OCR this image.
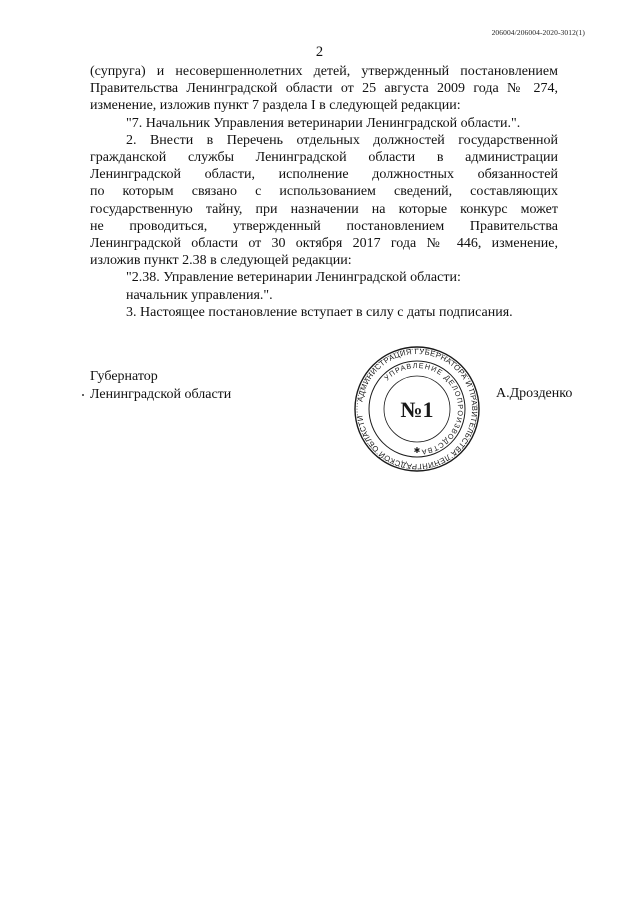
206004/206004-2020-3012(1)
2

(супруга) и несовершеннолетних детей, утвержденный постановлением

Правительства Ленинградской области от 25 августа 2009 года № 274,

изменение, изложив пункт 7 раздела I в следующей редакции:

"7. Начальник Управления ветеринарии Ленинградской области.".

2. Внести в Перечень отдельных должностей государственной

гражданской службы Ленинградской области в администрации

Ленинградской области, исполнение должностных обязанностей

по которым связано с использованием сведений, составляющих

государственную тайну, при назначении на которые конкурс может

не проводиться, утвержденный постановлением Правительства

Ленинградской области от 30 октября 2017 года № 446, изменение,

изложив пункт 2.38 в следующей редакции:

"2.38. Управление ветеринарии Ленинградской области:

начальник управления.".

3. Настоящее постановление вступает в силу с даты подписания.

Губернатор
Ленинградской области	АДМИНИСТРАЦИЯ ГУБЕРНАТОРА И ПРАВИТЕЛЬСТВА ЛЕНИНГРАДСКОЙ ОБЛАСТИ
УПРАВЛЕНИЕ ДЕЛОПРОИЗВОДСТВА
№1
✱
А.Дрозденко
